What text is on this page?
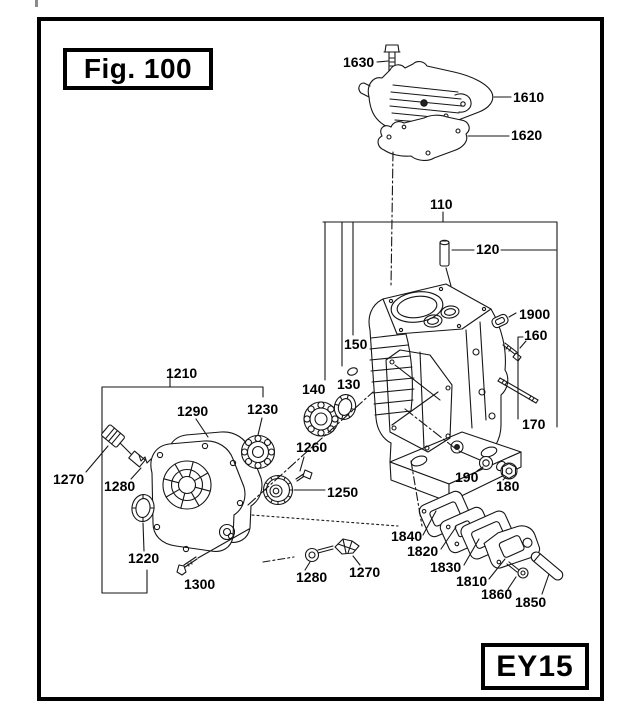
Fig. 100
EY15
1630
1610
1620
110
120
1900
160
150
130
140
170
190
180
1210
1290	1230
1260
1250
1270 1280
1220
1300	1280 1270
1840
1820
1830
1810
1860 1850
